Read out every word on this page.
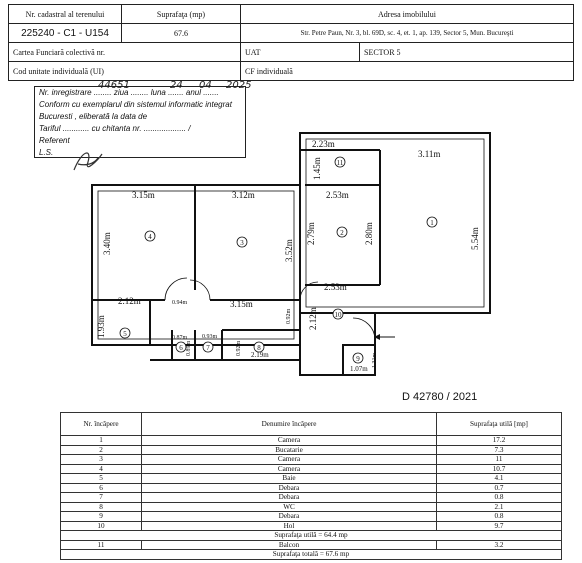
Nr. cadastral al terenului	Suprafaţa (mp)	Adresa imobilului	
225240 - C1 - U154	67.6	Str. Petre Paun, Nr. 3, bl. 69D, sc. 4, et. 1, ap. 139, Sector 5, Mun. Bucureşti	
Cartea Funciară colectivă nr.		UAT	SECTOR 5
Cod unitate individuală (UI)		CF individuală	
Nr. inregistrare ........ ziua ........ luna ....... anul .......
Conform cu exemplarul din sistemul informatic integrat
Bucuresti , eliberată la data de
Tariful ............ cu chitanta nr. ................... /
Referent
L.S.
44651	24 04 2025
1
2
3
4
5
6	7	8
9
10
11
2.23m
3.11m
1.45m
3.15m	3.12m	2.53m
3.40m	3.52m
2.79m	2.80m	5.54m
2.53m
2.12m	3.15m
2.12m
1.93m
2.19m
1.07m
0.94m
0.92m
0.87m
0.89m
0.93m
0.92m
1.31m
D 42780 / 2021
Nr. încăpere	Denumire încăpere	Suprafaţa utilă [mp]
1	Camera	17.2
2	Bucatarie	7.3
3	Camera	11
4	Camera	10.7
5	Baie	4.1
6	Debara	0.7
7	Debara	0.8
8	WC	2.1
9	Debara	0.8
10	Hol	9.7
Suprafaţa utilă = 64.4 mp		
11	Balcon	3.2
Suprafaţa totală = 67.6 mp		
